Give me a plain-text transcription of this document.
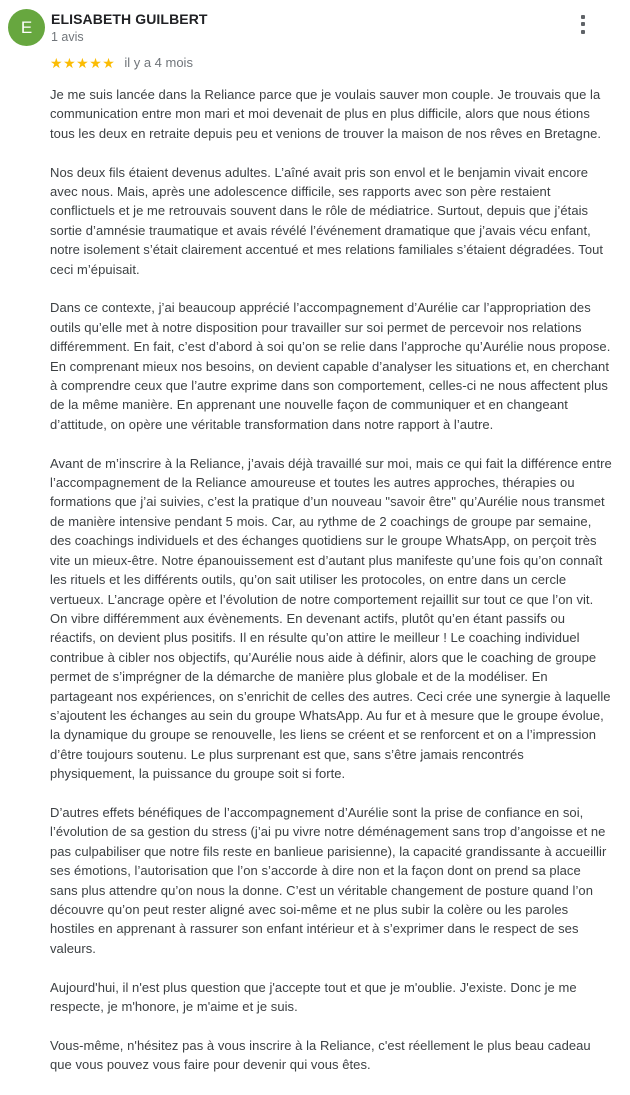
E ELISABETH GUILBERT
1 avis
★ ★ ★ ★ ★ il y a 4 mois

Je me suis lancée dans la Reliance parce que je voulais sauver mon couple. Je trouvais que la communication entre mon mari et moi devenait de plus en plus difficile, alors que nous étions tous les deux en retraite depuis peu et venions de trouver la maison de nos rêves en Bretagne.

Nos deux fils étaient devenus adultes. L’aîné avait pris son envol et le benjamin vivait encore avec nous. Mais, après une adolescence difficile, ses rapports avec son père restaient conflictuels et je me retrouvais souvent dans le rôle de médiatrice. Surtout, depuis que j’étais sortie d’amnésie traumatique et avais révélé l’événement dramatique que j’avais vécu enfant, notre isolement s’était clairement accentué et mes relations familiales s’étaient dégradées. Tout ceci m’épuisait.

Dans ce contexte, j’ai beaucoup apprécié l’accompagnement d’Aurélie car l’appropriation des outils qu’elle met à notre disposition pour travailler sur soi permet de percevoir nos relations différemment. En fait, c’est d’abord à soi qu’on se relie dans l’approche qu’Aurélie nous propose. En comprenant mieux nos besoins, on devient capable d’analyser les situations et, en cherchant à comprendre ceux que l’autre exprime dans son comportement, celles-ci ne nous affectent plus de la même manière. En apprenant une nouvelle façon de communiquer et en changeant d’attitude, on opère une véritable transformation dans notre rapport à l’autre.

Avant de m’inscrire à la Reliance, j’avais déjà travaillé sur moi, mais ce qui fait la différence entre l’accompagnement de la Reliance amoureuse et toutes les autres approches, thérapies ou formations que j’ai suivies, c’est la pratique d’un nouveau "savoir être" qu’Aurélie nous transmet de manière intensive pendant 5 mois. Car, au rythme de 2 coachings de groupe par semaine, des coachings individuels et des échanges quotidiens sur le groupe WhatsApp, on perçoit très vite un mieux-être. Notre épanouissement est d’autant plus manifeste qu’une fois qu’on connaît les rituels et les différents outils, qu’on sait utiliser les protocoles, on entre dans un cercle vertueux. L’ancrage opère et l’évolution de notre comportement rejaillit sur tout ce que l’on vit. On vibre différemment aux évènements. En devenant actifs, plutôt qu’en étant passifs ou réactifs, on devient plus positifs. Il en résulte qu’on attire le meilleur ! Le coaching individuel contribue à cibler nos objectifs, qu’Aurélie nous aide à définir, alors que le coaching de groupe permet de s’imprégner de la démarche de manière plus globale et de la modéliser. En partageant nos expériences, on s’enrichit de celles des autres. Ceci crée une synergie à laquelle s’ajoutent les échanges au sein du groupe WhatsApp. Au fur et à mesure que le groupe évolue, la dynamique du groupe se renouvelle, les liens se créent et se renforcent et on a l’impression d’être toujours soutenu. Le plus surprenant est que, sans s’être jamais rencontrés physiquement, la puissance du groupe soit si forte.

D’autres effets bénéfiques de l’accompagnement d’Aurélie sont la prise de confiance en soi, l’évolution de sa gestion du stress (j’ai pu vivre notre déménagement sans trop d’angoisse et ne pas culpabiliser que notre fils reste en banlieue parisienne), la capacité grandissante à accueillir ses émotions, l’autorisation que l’on s’accorde à dire non et la façon dont on prend sa place sans plus attendre qu’on nous la donne. C’est un véritable changement de posture quand l’on découvre qu’on peut rester aligné avec soi-même et ne plus subir la colère ou les paroles hostiles en apprenant à rassurer son enfant intérieur et à s’exprimer dans le respect de ses valeurs.

Aujourd'hui, il n'est plus question que j'accepte tout et que je m'oublie. J'existe. Donc je me respecte, je m'honore, je m'aime et je suis.

Vous-même, n'hésitez pas à vous inscrire à la Reliance, c'est réellement le plus beau cadeau que vous pouvez vous faire pour devenir qui vous êtes.
